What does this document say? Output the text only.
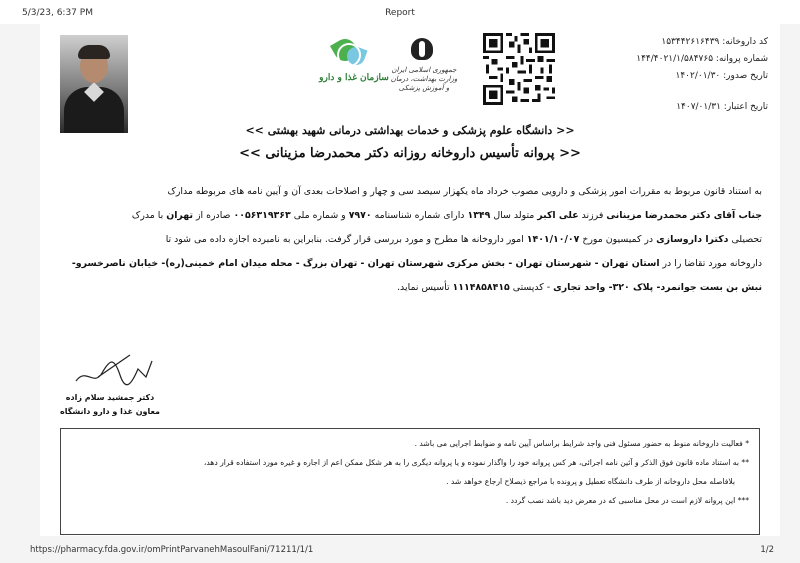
5/3/23, 6:37 PM	Report
سازمان غذا و دارو
جمهوری اسلامی ایران وزارت بهداشت، درمان و آموزش پزشکی
کد داروخانه: ۱۵۳۴۴۲۶۱۶۴۳۹
شماره پروانه: ۱۴۴/۴۰۲۱/۱/۵۸۴۷۶۵
تاریخ صدور: ۱۴۰۲/۰۱/۳۰
تاریخ اعتبار: ۱۴۰۷/۰۱/۳۱
<< دانشگاه علوم پزشکی و خدمات بهداشتی درمانی شهید بهشتی >>
<< پروانه تأسیس داروخانه روزانه دکتر محمدرضا مزینانی >>

به استناد قانون مربوط به مقررات امور پزشکی و دارویی مصوب خرداد ماه یکهزار سیصد سی و چهار و اصلاحات بعدی آن و آیین نامه های مربوطه مدارک

جناب آقای دکتر محمدرضا مزینانی فرزند علی اکبر متولد سال ۱۳۴۹ دارای شماره شناسنامه ۷۹۷۰ و شماره ملی ۰۰۵۶۳۱۹۳۶۳ صادره از تهران با مدرک

تحصیلی دکترا داروسازی در کمیسیون مورخ ۱۴۰۱/۱۰/۰۷ امور داروخانه ها مطرح و مورد بررسی قرار گرفت. بنابراین به نامبرده اجازه داده می شود تا

داروخانه مورد تقاضا را در استان تهران - شهرستان تهران - بخش مرکزی شهرستان تهران - تهران بزرگ - محله میدان امام خمینی(ره)- خیابان ناصرخسرو-

نبش بن بست جوانمرد- پلاک ۳۲۰- واحد تجاری - کدپستی ۱۱۱۴۸۵۸۴۱۵ تأسیس نماید.

دکتر جمشید سلام زاده
معاون غذا و دارو دانشگاه
* فعالیت داروخانه منوط به حضور مسئول فنی واجد شرایط براساس آیین نامه و ضوابط اجرایی می باشد .
** به استناد ماده قانون فوق الذکر و آئین نامه اجرائی، هر کس پروانه خود را واگذار نموده و یا پروانه دیگری را به هر شکل ممکن اعم از اجاره و غیره مورد استفاده قرار دهد،
بلافاصله محل داروخانه از طرف دانشگاه تعطیل و پرونده با مراجع ذیصلاح ارجاع خواهد شد .
*** این پروانه لازم است در محل مناسبی که در معرض دید باشد نصب گردد .
https://pharmacy.fda.gov.ir/omPrintParvanehMasoulFani/71211/1/1	1/2
